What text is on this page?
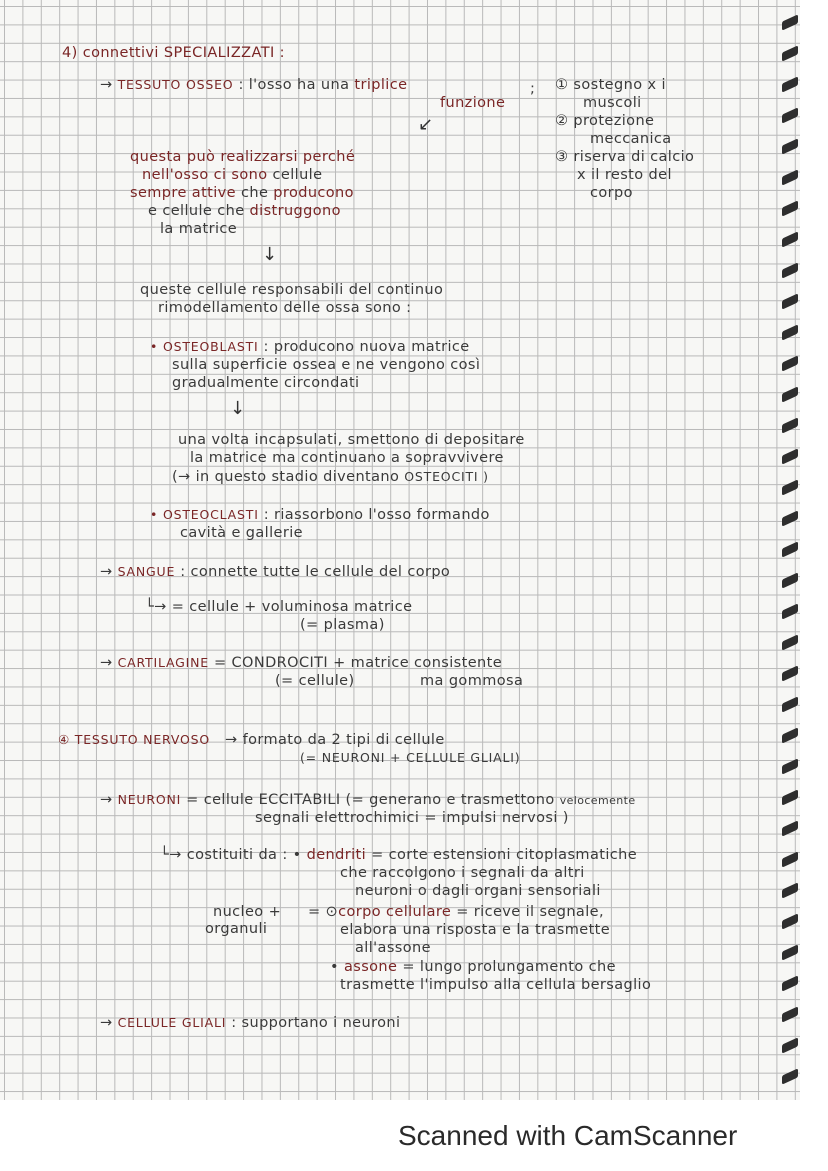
4) connettivi SPECIALIZZATI :
→ TESSUTO OSSEO : l'osso ha una triplice
funzione
; ① sostegno x i
muscoli
② protezione
meccanica
③ riserva di calcio
x il resto del
corpo
↙
questa può realizzarsi perché
nell'osso ci sono cellule
sempre attive che producono
e cellule che distruggono
la matrice
↓
queste cellule responsabili del continuo
rimodellamento delle ossa sono :
• OSTEOBLASTI : producono nuova matrice
sulla superficie ossea e ne vengono così
gradualmente circondati
↓
una volta incapsulati, smettono di depositare
la matrice ma continuano a sopravvivere
(→ in questo stadio diventano OSTEOCITI )
• OSTEOCLASTI : riassorbono l'osso formando
cavità e gallerie
→ SANGUE : connette tutte le cellule del corpo
└→ = cellule + voluminosa matrice
(= plasma)
→ CARTILAGINE = CONDROCITI + matrice consistente
(= cellule)	ma gommosa
④ TESSUTO NERVOSO → formato da 2 tipi di cellule
(= NEURONI + CELLULE GLIALI)
→ NEURONI = cellule ECCITABILI (= generano e trasmettono velocemente
segnali elettrochimici = impulsi nervosi )
└→ costituiti da : • dendriti = corte estensioni citoplasmatiche
che raccolgono i segnali da altri
neuroni o dagli organi sensoriali
nucleo +
organuli
= ⊙corpo cellulare = riceve il segnale,
elabora una risposta e la trasmette
all'assone
• assone = lungo prolungamento che
trasmette l'impulso alla cellula bersaglio
→ CELLULE GLIALI : supportano i neuroni
Scanned with CamScanner
